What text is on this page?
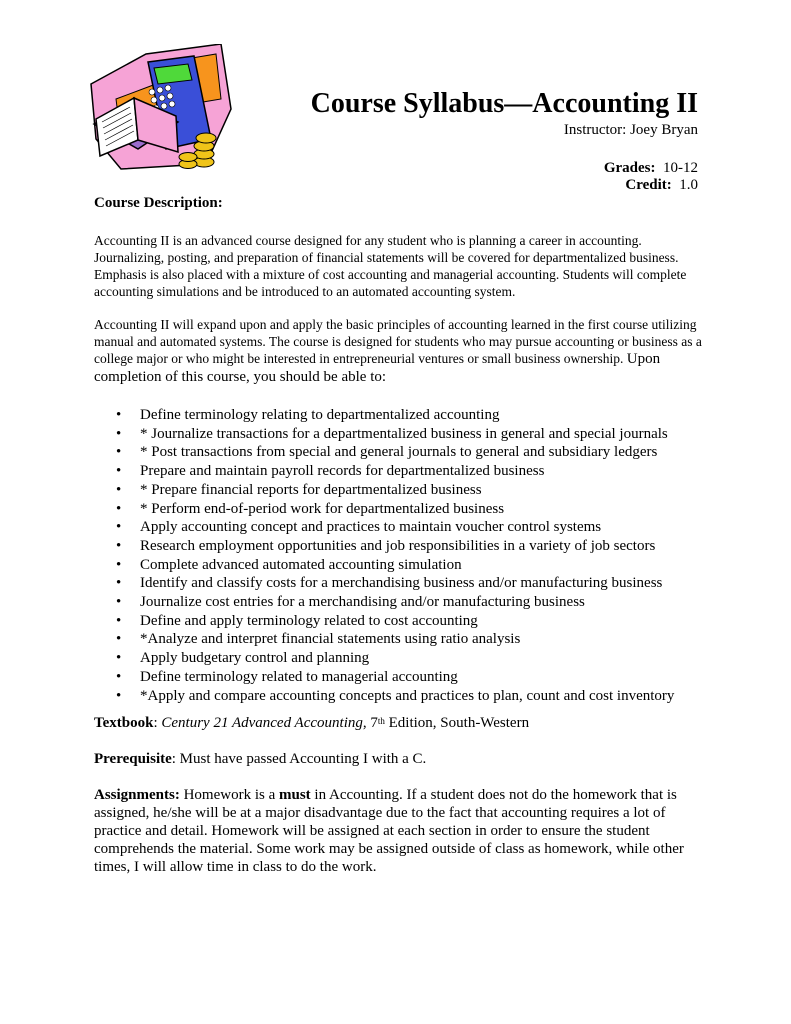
Course Syllabus—Accounting II
Instructor: Joey Bryan
Grades: 10-12
Credit: 1.0
Course Description:

Accounting II is an advanced course designed for any student who is planning a career in accounting. Journalizing, posting, and preparation of financial statements will be covered for departmentalized business. Emphasis is also placed with a mixture of cost accounting and managerial accounting. Students will complete accounting simulations and be introduced to an automated accounting system.

Accounting II will expand upon and apply the basic principles of accounting learned in the first course utilizing manual and automated systems. The course is designed for students who may pursue accounting or business as a college major or who might be interested in entrepreneurial ventures or small business ownership. Upon completion of this course, you should be able to:

• Define terminology relating to departmentalized accounting
• * Journalize transactions for a departmentalized business in general and special journals
• * Post transactions from special and general journals to general and subsidiary ledgers
• Prepare and maintain payroll records for departmentalized business
• * Prepare financial reports for departmentalized business
• * Perform end-of-period work for departmentalized business
• Apply accounting concept and practices to maintain voucher control systems
• Research employment opportunities and job responsibilities in a variety of job sectors
• Complete advanced automated accounting simulation
• Identify and classify costs for a merchandising business and/or manufacturing business
• Journalize cost entries for a merchandising and/or manufacturing business
• Define and apply terminology related to cost accounting
• *Analyze and interpret financial statements using ratio analysis
• Apply budgetary control and planning
• Define terminology related to managerial accounting
• *Apply and compare accounting concepts and practices to plan, count and cost inventory
Textbook: Century 21 Advanced Accounting, 7th Edition, South-Western
Prerequisite: Must have passed Accounting I with a C.
Assignments: Homework is a must in Accounting. If a student does not do the homework that is assigned, he/she will be at a major disadvantage due to the fact that accounting requires a lot of practice and detail. Homework will be assigned at each section in order to ensure the student comprehends the material. Some work may be assigned outside of class as homework, while other times, I will allow time in class to do the work.
